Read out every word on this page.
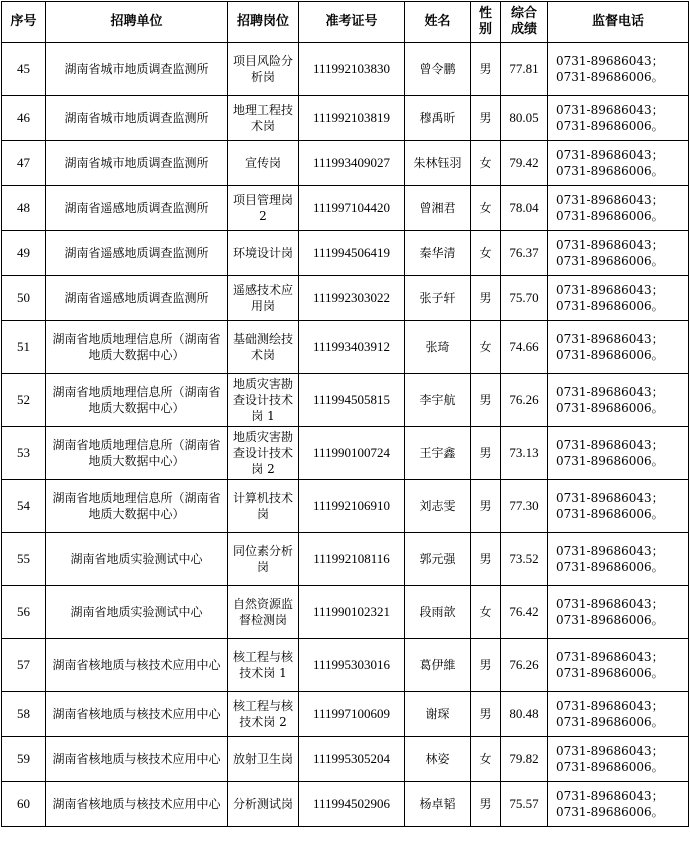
序号	招聘单位	招聘岗位	准考证号	姓名	性别	综合成绩	监督电话

45	湖南省城市地质调查监测所	项目风险分析岗	111992103830	曾令鹏	男	77.81	0731-89686043；
0731-89686006。

46	湖南省城市地质调查监测所	地理工程技术岗	111992103819	穆禹昕	男	80.05	0731-89686043；
0731-89686006。

47	湖南省城市地质调查监测所	宣传岗	111993409027	朱林钰羽	女	79.42	0731-89686043；
0731-89686006。

48	湖南省遥感地质调查监测所	项目管理岗 2	111997104420	曾湘君	女	78.04	0731-89686043；
0731-89686006。

49	湖南省遥感地质调查监测所	环境设计岗	111994506419	秦华清	女	76.37	0731-89686043；
0731-89686006。

50	湖南省遥感地质调查监测所	遥感技术应用岗	111992303022	张子轩	男	75.70	0731-89686043；
0731-89686006。

51	湖南省地质地理信息所（湖南省地质大数据中心）	基础测绘技术岗	111993403912	张琦	女	74.66	0731-89686043；
0731-89686006。

52	湖南省地质地理信息所（湖南省地质大数据中心）	地质灾害勘查设计技术岗 1	111994505815	李宇航	男	76.26	0731-89686043；
0731-89686006。

53	湖南省地质地理信息所（湖南省地质大数据中心）	地质灾害勘查设计技术岗 2	111990100724	王宇鑫	男	73.13	0731-89686043；
0731-89686006。

54	湖南省地质地理信息所（湖南省地质大数据中心）	计算机技术岗	111992106910	刘志雯	男	77.30	0731-89686043；
0731-89686006。

55	湖南省地质实验测试中心	同位素分析岗	111992108116	郭元强	男	73.52	0731-89686043；
0731-89686006。

56	湖南省地质实验测试中心	自然资源监督检测岗	111990102321	段雨歆	女	76.42	0731-89686043；
0731-89686006。

57	湖南省核地质与核技术应用中心	核工程与核技术岗 1	111995303016	葛伊維	男	76.26	0731-89686043；
0731-89686006。

58	湖南省核地质与核技术应用中心	核工程与核技术岗 2	111997100609	谢琛	男	80.48	0731-89686043；
0731-89686006。

59	湖南省核地质与核技术应用中心	放射卫生岗	111995305204	林姿	女	79.82	0731-89686043；
0731-89686006。

60	湖南省核地质与核技术应用中心	分析测试岗	111994502906	杨卓韬	男	75.57	0731-89686043；
0731-89686006。
